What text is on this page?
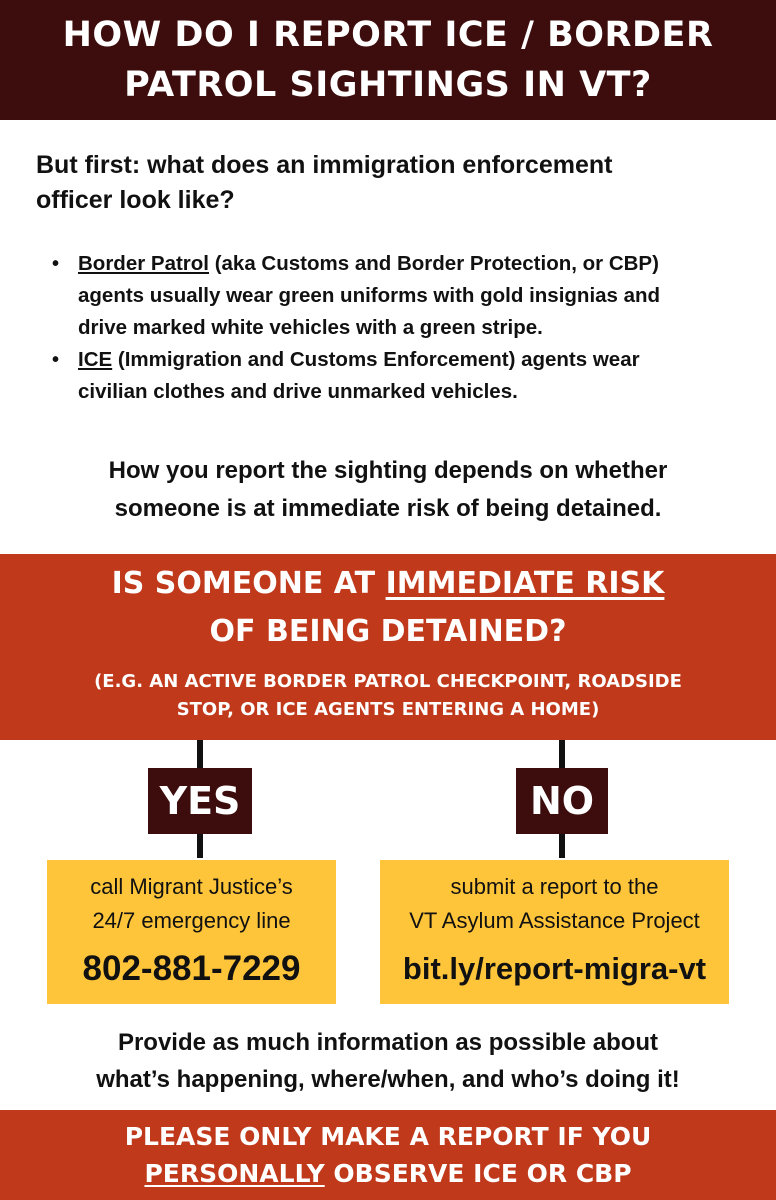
HOW DO I REPORT ICE / BORDER
PATROL SIGHTINGS IN VT?
But first: what does an immigration enforcement
officer look like?
• Border Patrol (aka Customs and Border Protection, or CBP)
agents usually wear green uniforms with gold insignias and
drive marked white vehicles with a green stripe.
• ICE (Immigration and Customs Enforcement) agents wear
civilian clothes and drive unmarked vehicles.
How you report the sighting depends on whether
someone is at immediate risk of being detained.
IS SOMEONE AT IMMEDIATE RISK
OF BEING DETAINED?
(E.G. AN ACTIVE BORDER PATROL CHECKPOINT, ROADSIDE
STOP, OR ICE AGENTS ENTERING A HOME)
YES	NO
call Migrant Justice’s
24/7 emergency line
802-881-7229
submit a report to the
VT Asylum Assistance Project
bit.ly/report-migra-vt
Provide as much information as possible about
what’s happening, where/when, and who’s doing it!
PLEASE ONLY MAKE A REPORT IF YOU
PERSONALLY OBSERVE ICE OR CBP
